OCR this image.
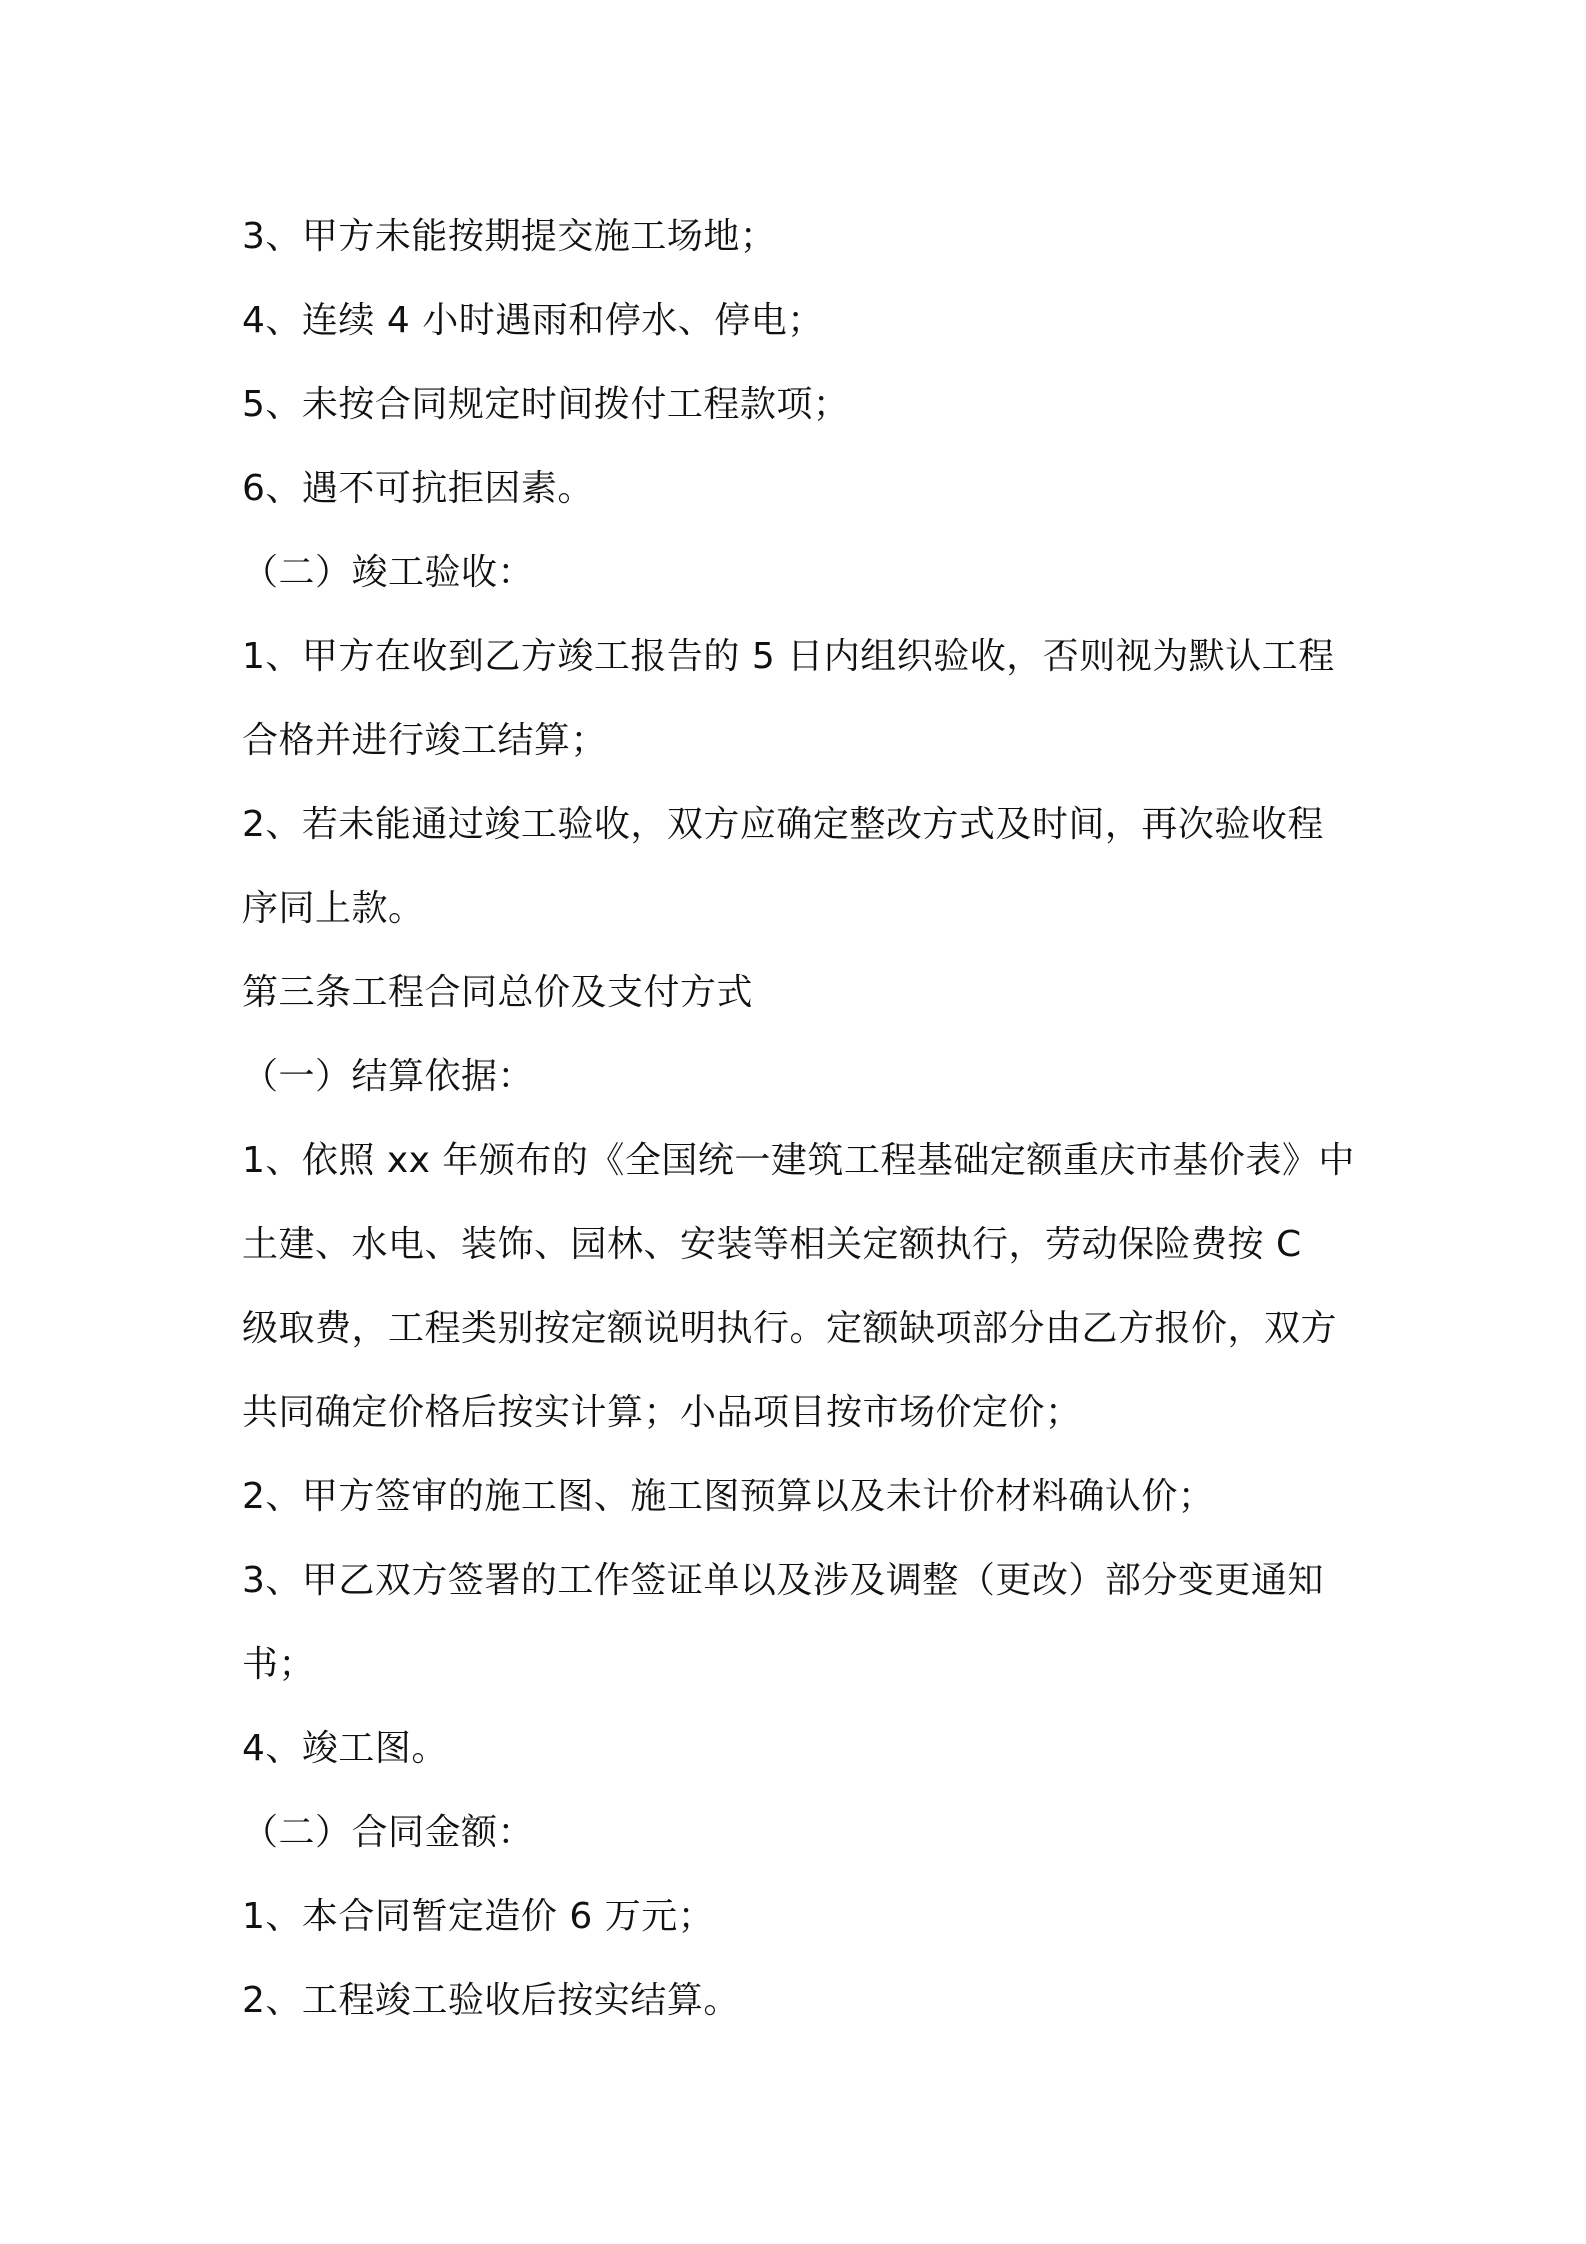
3、甲方未能按期提交施工场地；
4、连续 4 小时遇雨和停水、停电；
5、未按合同规定时间拨付工程款项；
6、遇不可抗拒因素。
（二）竣工验收：
1、甲方在收到乙方竣工报告的 5 日内组织验收，否则视为默认工程
合格并进行竣工结算；
2、若未能通过竣工验收，双方应确定整改方式及时间，再次验收程
序同上款。
第三条工程合同总价及支付方式
（一）结算依据：
1、依照 xx 年颁布的《全国统一建筑工程基础定额重庆市基价表》中
土建、水电、装饰、园林、安装等相关定额执行，劳动保险费按 C
级取费，工程类别按定额说明执行。定额缺项部分由乙方报价，双方
共同确定价格后按实计算；小品项目按市场价定价；
2、甲方签审的施工图、施工图预算以及未计价材料确认价；
3、甲乙双方签署的工作签证单以及涉及调整（更改）部分变更通知
书；
4、竣工图。
（二）合同金额：
1、本合同暂定造价 6 万元；
2、工程竣工验收后按实结算。
